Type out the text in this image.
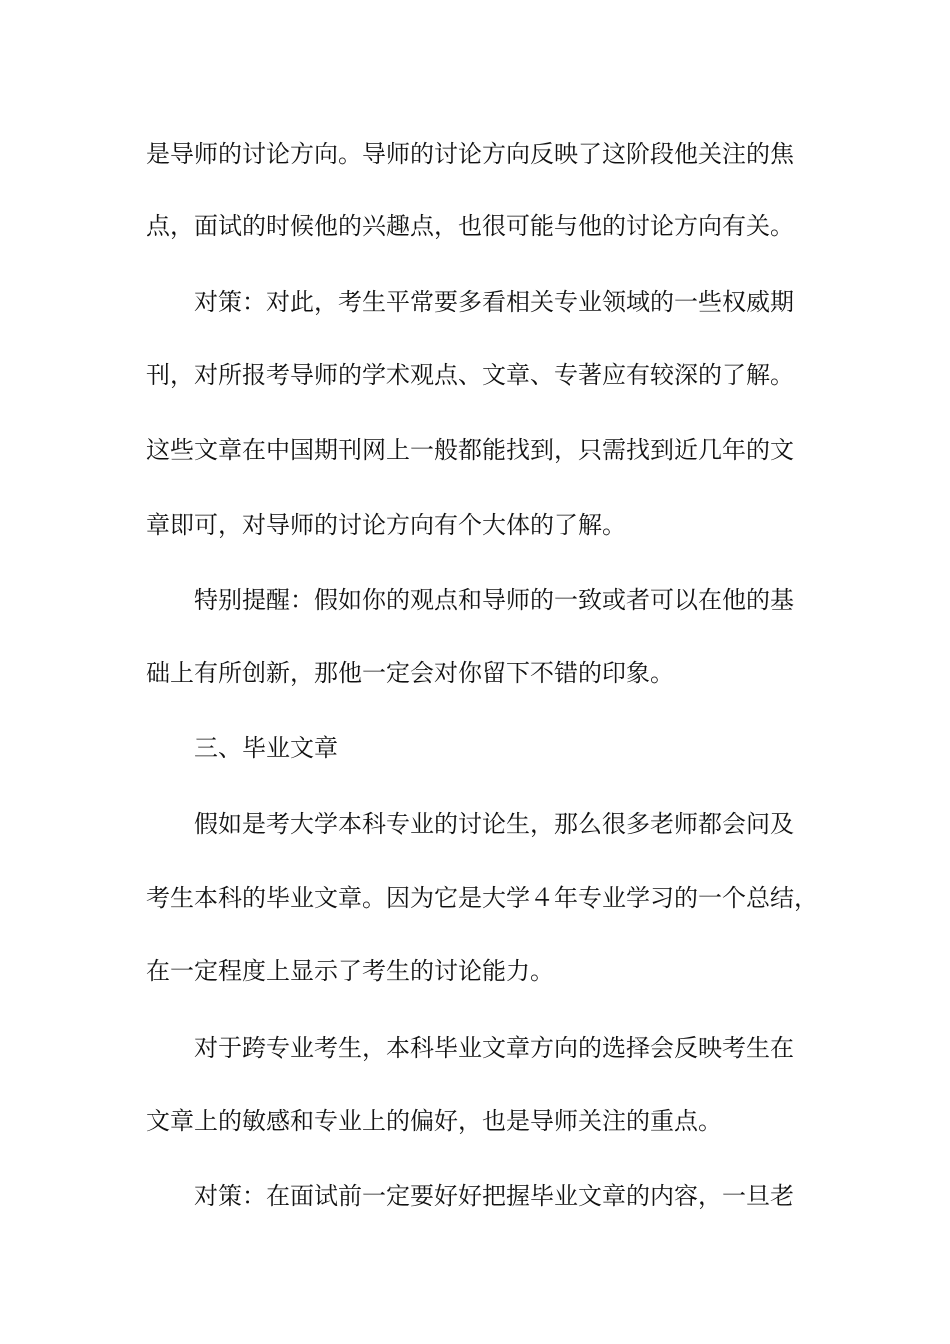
是导师的讨论方向。导师的讨论方向反映了这阶段他关注的焦

点，面试的时候他的兴趣点，也很可能与他的讨论方向有关。

对策：对此，考生平常要多看相关专业领域的一些权威期

刊，对所报考导师的学术观点、文章、专著应有较深的了解。

这些文章在中国期刊网上一般都能找到，只需找到近几年的文

章即可，对导师的讨论方向有个大体的了解。

特别提醒：假如你的观点和导师的一致或者可以在他的基

础上有所创新，那他一定会对你留下不错的印象。

三、毕业文章

假如是考大学本科专业的讨论生，那么很多老师都会问及

考生本科的毕业文章。因为它是大学４年专业学习的一个总结，

在一定程度上显示了考生的讨论能力。

对于跨专业考生，本科毕业文章方向的选择会反映考生在

文章上的敏感和专业上的偏好，也是导师关注的重点。

对策：在面试前一定要好好把握毕业文章的内容，一旦老
